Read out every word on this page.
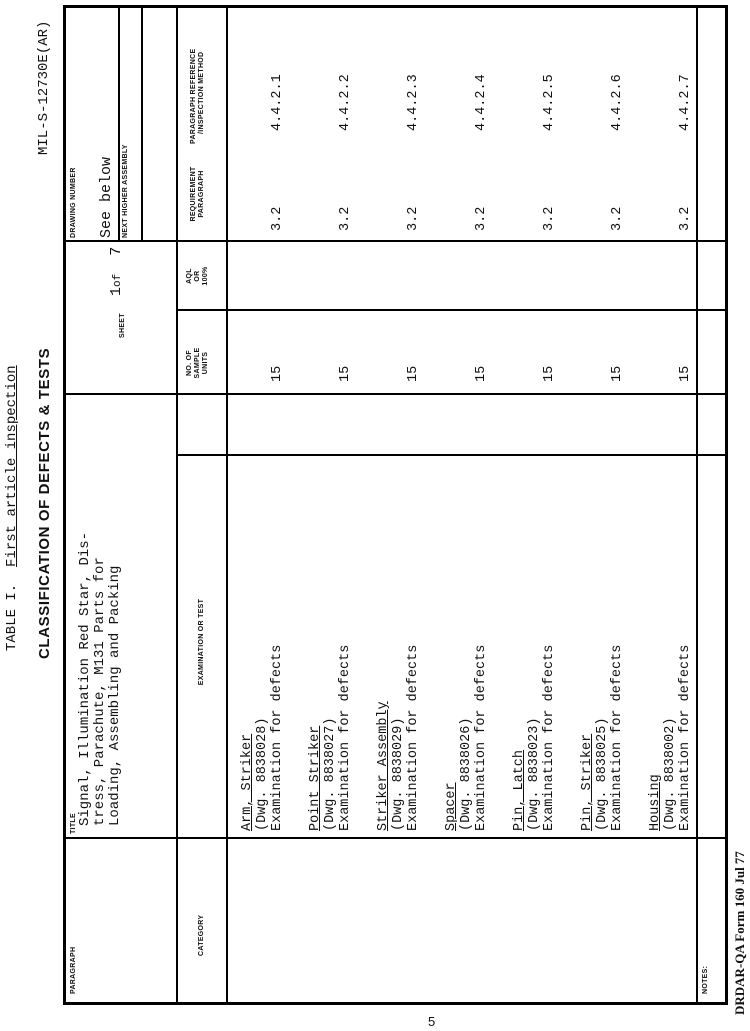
TABLE I.  First article inspection CLASSIFICATION OF DEFECTS & TESTS
MIL-S-12730E(AR)
PARAGRAPH
TITLE Signal, Illumination Red Star, Dis- tress, Parachute, M131 Parts for Loading, Assembling and Packing
SHEET
1of  7
DRAWING NUMBER See below NEXT HIGHER ASSEMBLY
CATEGORY
EXAMINATION OR TEST
NO. OF SAMPLE UNITS
AQL OR 100%
REQUIREMENT PARAGRAPH
PARAGRAPH REFERENCE /INSPECTION METHOD
Arm, Striker (Dwg. 8838028) Examination for defects
15
3.2
4.4.2.1
Point Striker (Dwg. 8838027) Examination for defects
15
3.2
4.4.2.2
Striker Assembly (Dwg. 8838029) Examination for defects
15
3.2
4.4.2.3
Spacer (Dwg. 8838026) Examination for defects
15
3.2
4.4.2.4
Pin, Latch (Dwg. 8838023) Examination for defects
15
3.2
4.4.2.5
Pin, Striker (Dwg. 8838025) Examination for defects
15
3.2
4.4.2.6
Housing (Dwg. 8838002) Examination for defects
15
3.2
4.4.2.7
NOTES: DRDAR-QA Form 160 Jul 77
5
